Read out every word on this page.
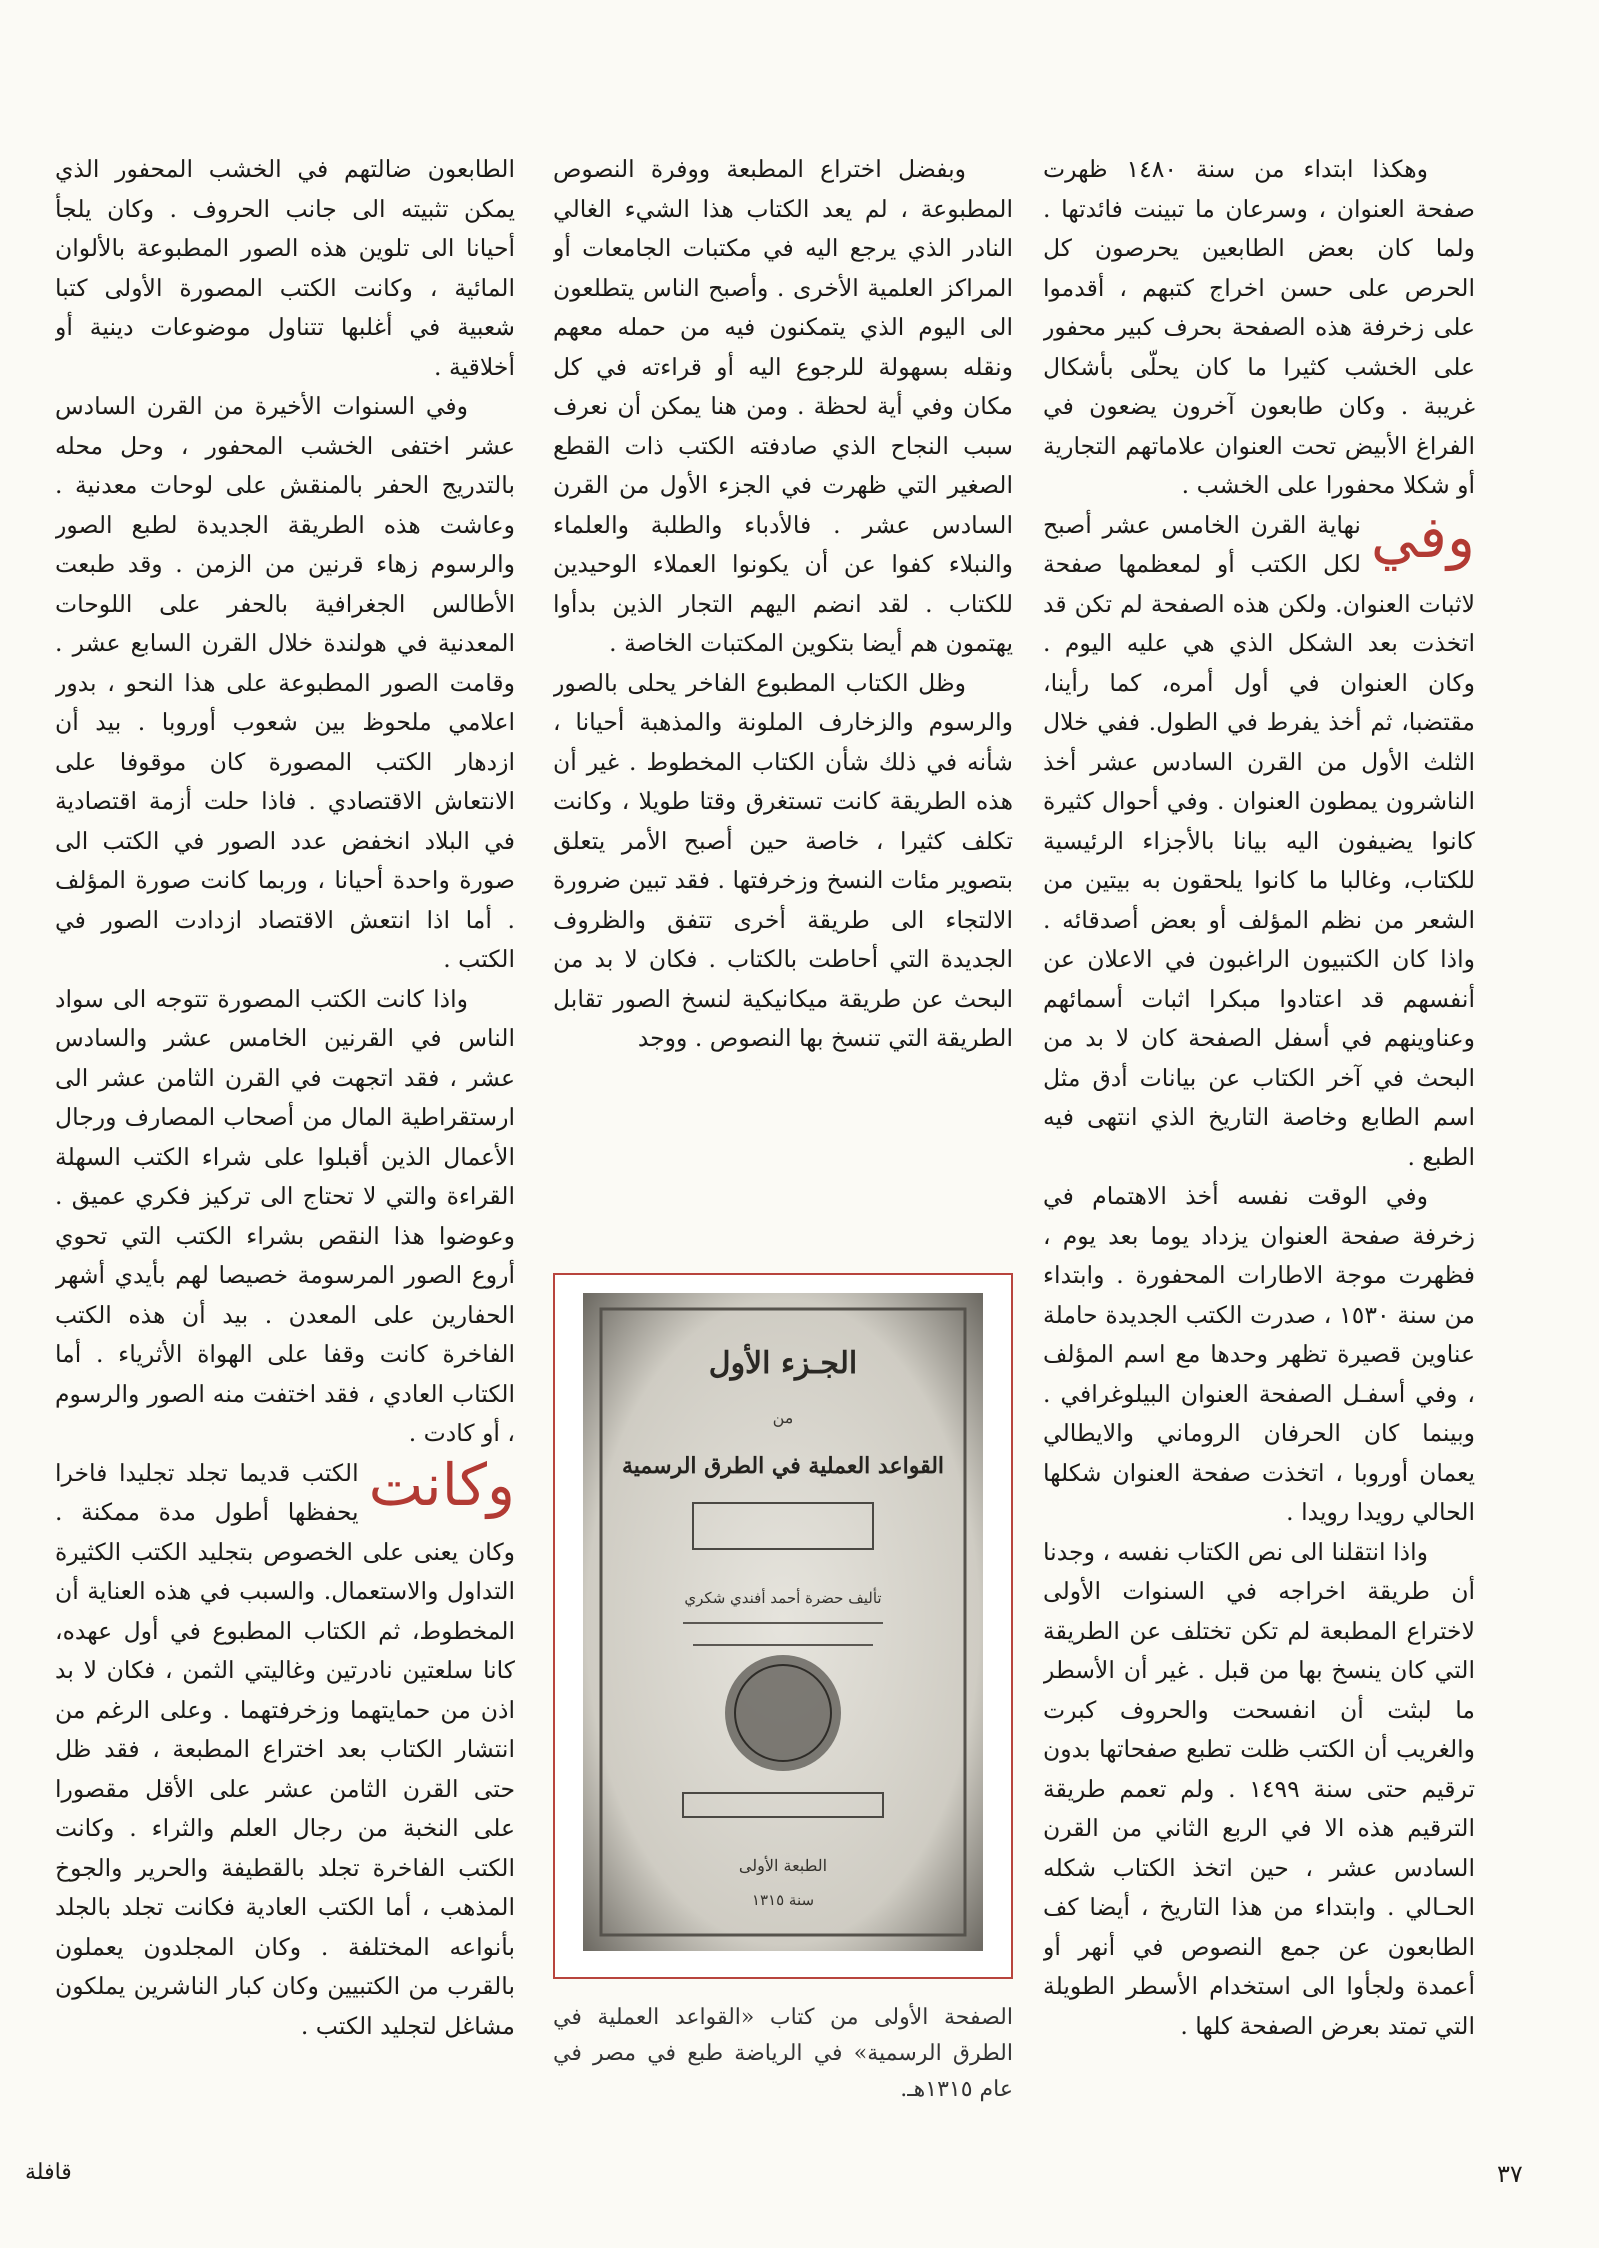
وهكذا ابتداء من سنة ١٤٨٠ ظهرت صفحة العنوان ، وسرعان ما تبينت فائدتها . ولما كان بعض الطابعين يحرصون كل الحرص على حسن اخراج كتبهم ، أقدموا على زخرفة هذه الصفحة بحرف كبير محفور على الخشب كثيرا ما كان يحلّى بأشكال غريبة . وكان طابعون آخرون يضعون في الفراغ الأبيض تحت العنوان علاماتهم التجارية أو شكلا محفورا على الخشب .

وفي
نهاية القرن الخامس عشر أصبح لكل الكتب أو لمعظمها صفحة لاثبات العنوان. ولكن هذه الصفحة لم تكن قد اتخذت بعد الشكل الذي هي عليه اليوم . وكان العنوان في أول أمره، كما رأينا، مقتضبا، ثم أخذ يفرط في الطول. ففي خلال الثلث الأول من القرن السادس عشر أخذ الناشرون يمطون العنوان . وفي أحوال كثيرة كانوا يضيفون اليه بيانا بالأجزاء الرئيسية للكتاب، وغالبا ما كانوا يلحقون به بيتين من الشعر من نظم المؤلف أو بعض أصدقائه . واذا كان الكتبيون الراغبون في الاعلان عن أنفسهم قد اعتادوا مبكرا اثبات أسمائهم وعناوينهم في أسفل الصفحة كان لا بد من البحث في آخر الكتاب عن بيانات أدق مثل اسم الطابع وخاصة التاريخ الذي انتهى فيه الطبع .

وفي الوقت نفسه أخذ الاهتمام في زخرفة صفحة العنوان يزداد يوما بعد يوم ، فظهرت موجة الاطارات المحفورة . وابتداء من سنة ١٥٣٠ ، صدرت الكتب الجديدة حاملة عناوين قصيرة تظهر وحدها مع اسم المؤلف ، وفي أسفـل الصفحة العنوان البيلوغرافي . وبينما كان الحرفان الروماني والايطالي يعمان أوروبا ، اتخذت صفحة العنوان شكلها الحالي رويدا رويدا .

واذا انتقلنا الى نص الكتاب نفسه ، وجدنا أن طريقة اخراجه في السنوات الأولى لاختراع المطبعة لم تكن تختلف عن الطريقة التي كان ينسخ بها من قبل . غير أن الأسطر ما لبثت أن انفسحت والحروف كبرت والغريب أن الكتب ظلت تطبع صفحاتها بدون ترقيم حتى سنة ١٤٩٩ . ولم تعمم طريقة الترقيم هذه الا في الربع الثاني من القرن السادس عشر ، حين اتخذ الكتاب شكله الحـالي . وابتداء من هذا التاريخ ، أيضا كف الطابعون عن جمع النصوص في أنهر أو أعمدة ولجأوا الى استخدام الأسطر الطويلة التي تمتد بعرض الصفحة كلها .

وبفضل اختراع المطبعة ووفرة النصوص المطبوعة ، لم يعد الكتاب هذا الشيء الغالي النادر الذي يرجع اليه في مكتبات الجامعات أو المراكز العلمية الأخرى . وأصبح الناس يتطلعون الى اليوم الذي يتمكنون فيه من حمله معهم ونقله بسهولة للرجوع اليه أو قراءته في كل مكان وفي أية لحظة . ومن هنا يمكن أن نعرف سبب النجاح الذي صادفته الكتب ذات القطع الصغير التي ظهرت في الجزء الأول من القرن السادس عشر . فالأدباء والطلبة والعلماء والنبلاء كفوا عن أن يكونوا العملاء الوحيدين للكتاب . لقد انضم اليهم التجار الذين بدأوا يهتمون هم أيضا بتكوين المكتبات الخاصة .

وظل الكتاب المطبوع الفاخر يحلى بالصور والرسوم والزخارف الملونة والمذهبة أحيانا ، شأنه في ذلك شأن الكتاب المخطوط . غير أن هذه الطريقة كانت تستغرق وقتا طويلا ، وكانت تكلف كثيرا ، خاصة حين أصبح الأمر يتعلق بتصوير مئات النسخ وزخرفتها . فقد تبين ضرورة الالتجاء الى طريقة أخرى تتفق والظروف الجديدة التي أحاطت بالكتاب . فكان لا بد من البحث عن طريقة ميكانيكية لنسخ الصور تقابل الطريقة التي تنسخ بها النصوص . ووجد

الطابعون ضالتهم في الخشب المحفور الذي يمكن تثبيته الى جانب الحروف . وكان يلجأ أحيانا الى تلوين هذه الصور المطبوعة بالألوان المائية ، وكانت الكتب المصورة الأولى كتبا شعبية في أغلبها تتناول موضوعات دينية أو أخلاقية .

وفي السنوات الأخيرة من القرن السادس عشر اختفى الخشب المحفور ، وحل محله بالتدريج الحفر بالمنقش على لوحات معدنية . وعاشت هذه الطريقة الجديدة لطبع الصور والرسوم زهاء قرنين من الزمن . وقد طبعت الأطالس الجغرافية بالحفر على اللوحات المعدنية في هولندة خلال القرن السابع عشر . وقامت الصور المطبوعة على هذا النحو ، بدور اعلامي ملحوظ بين شعوب أوروبا . بيد أن ازدهار الكتب المصورة كان موقوفا على الانتعاش الاقتصادي . فاذا حلت أزمة اقتصادية في البلاد انخفض عدد الصور في الكتب الى صورة واحدة أحيانا ، وربما كانت صورة المؤلف . أما اذا انتعش الاقتصاد ازدادت الصور في الكتب .

واذا كانت الكتب المصورة تتوجه الى سواد الناس في القرنين الخامس عشر والسادس عشر ، فقد اتجهت في القرن الثامن عشر الى ارستقراطية المال من أصحاب المصارف ورجال الأعمال الذين أقبلوا على شراء الكتب السهلة القراءة والتي لا تحتاج الى تركيز فكري عميق . وعوضوا هذا النقص بشراء الكتب التي تحوي أروع الصور المرسومة خصيصا لهم بأيدي أشهر الحفارين على المعدن . بيد أن هذه الكتب الفاخرة كانت وقفا على الهواة الأثرياء . أما الكتاب العادي ، فقد اختفت منه الصور والرسوم ، أو كادت .

وكانت
الكتب قديما تجلد تجليدا فاخرا يحفظها أطول مدة ممكنة . وكان يعنى على الخصوص بتجليد الكتب الكثيرة التداول والاستعمال. والسبب في هذه العناية أن المخطوط، ثم الكتاب المطبوع في أول عهده، كانا سلعتين نادرتين وغاليتي الثمن ، فكان لا بد اذن من حمايتهما وزخرفتهما . وعلى الرغم من انتشار الكتاب بعد اختراع المطبعة ، فقد ظل حتى القرن الثامن عشر على الأقل مقصورا على النخبة من رجال العلم والثراء . وكانت الكتب الفاخرة تجلد بالقطيفة والحرير والجوخ المذهب ، أما الكتب العادية فكانت تجلد بالجلد بأنواعه المختلفة . وكان المجلدون يعملون بالقرب من الكتبيين وكان كبار الناشرين يملكون مشاغل لتجليد الكتب .

الجـزء الأول
من
القواعد العملية في الطرق الرسمية
تأليف حضرة أحمد أفندي شكري
الطبعة الأولى
سنة ١٣١٥
الصفحة الأولى من كتاب «القواعد العملية في الطرق الرسمية» في الرياضة طبع في مصر في عام ١٣١٥هـ.
٣٧
قافلة
